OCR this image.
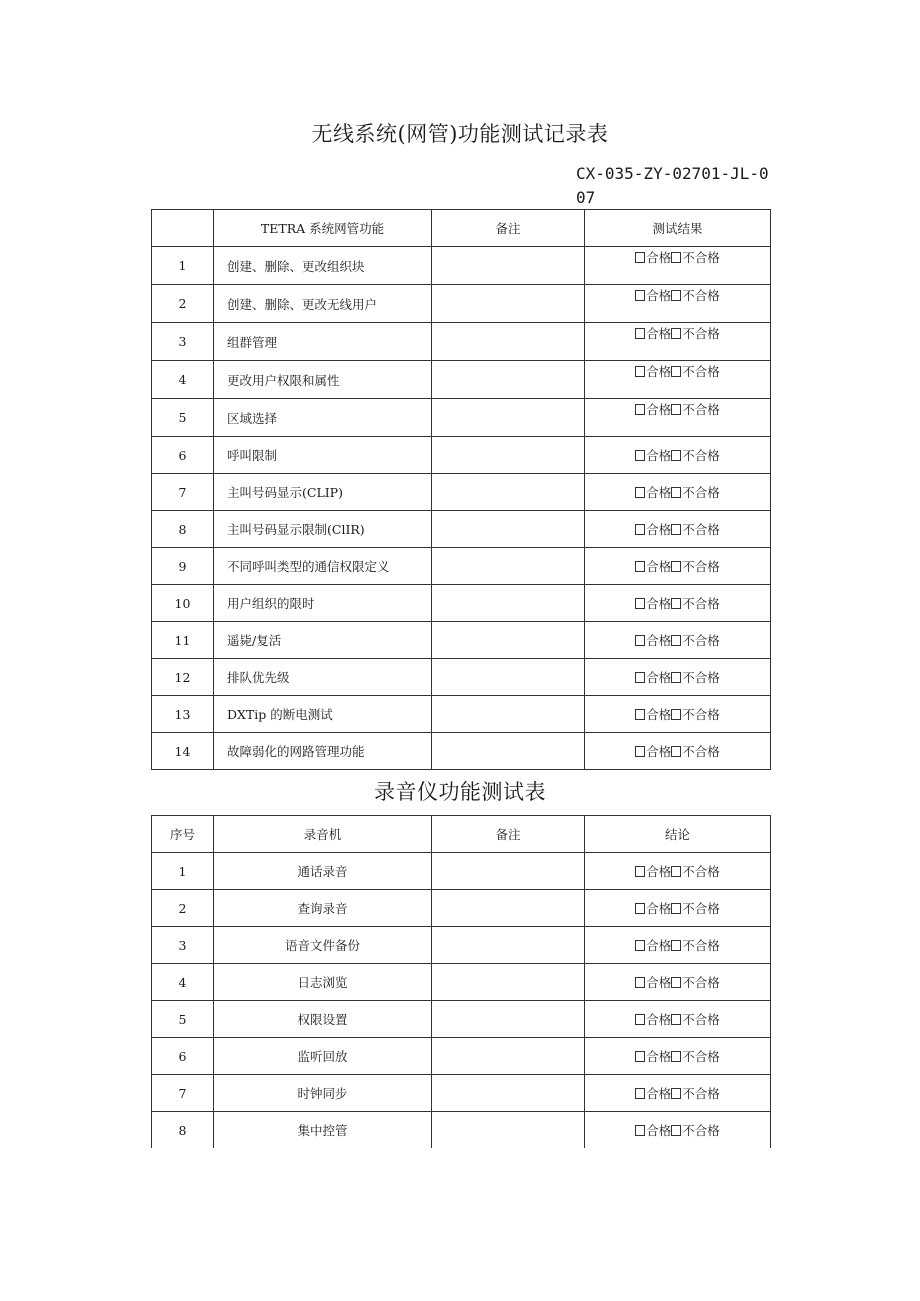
无线系统(网管)功能测试记录表
CX-035-ZY-02701-JL-007
	TETRA 系统网管功能	备注	测试结果
1	创建、删除、更改组织块		合格 不合格
2	创建、删除、更改无线用户		合格 不合格
3	组群管理		合格 不合格
4	更改用户权限和属性		合格 不合格
5	区域选择		合格 不合格
6	呼叫限制		合格 不合格
7	主叫号码显示(CLIP)		合格 不合格
8	主叫号码显示限制(ClIR)		合格 不合格
9	不同呼叫类型的通信权限定义		合格 不合格
10	用户组织的限时		合格 不合格
11	遥毙/复活		合格 不合格
12	排队优先级		合格 不合格
13	DXTip 的断电测试		合格 不合格
14	故障弱化的网路管理功能		合格 不合格
录音仪功能测试表
序号	录音机	备注	结论
1	通话录音		合格 不合格
2	查询录音		合格 不合格
3	语音文件备份		合格 不合格
4	日志浏览		合格 不合格
5	权限设置		合格 不合格
6	监听回放		合格 不合格
7	时钟同步		合格 不合格
8	集中控管		合格 不合格
